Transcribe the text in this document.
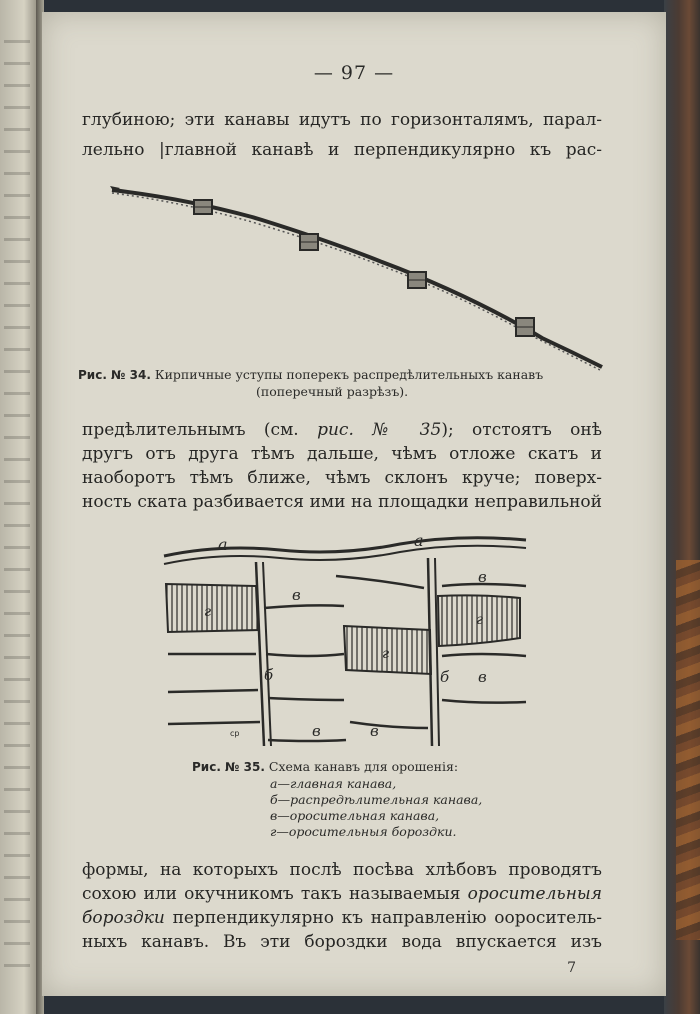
— 97 —
глубиною; эти канавы идутъ по горизонталямъ, парал-
лельно |главной канавѣ и перпендикулярно къ рас-
Рис. № 34. Кирпичные уступы поперекъ распредѣлительныхъ канавъ
(поперечный разрѣзъ).
предѣлительнымъ (см. рис. № 35); отстоятъ онѣ
другъ отъ друга тѣмъ дальше, чѣмъ отложе скатъ и
наоборотъ тѣмъ ближе, чѣмъ склонъ круче; поверх-
ность ската разбивается ими на площадки неправильной
а	а
в
в
в
в	в
б	б
г
г
г
ср
Рис. № 35. Схема канавъ для орошенія:
а—главная канава,
б—распредѣлительная канава,
в—оросительная канава,
г—оросительныя бороздки.
формы, на которыхъ послѣ посѣва хлѣбовъ проводятъ
сохою или окучникомъ такъ называемыя оросительныя
бороздки перпендикулярно къ направленію оороситель-
ныхъ канавъ. Въ эти бороздки вода впускается изъ
7
